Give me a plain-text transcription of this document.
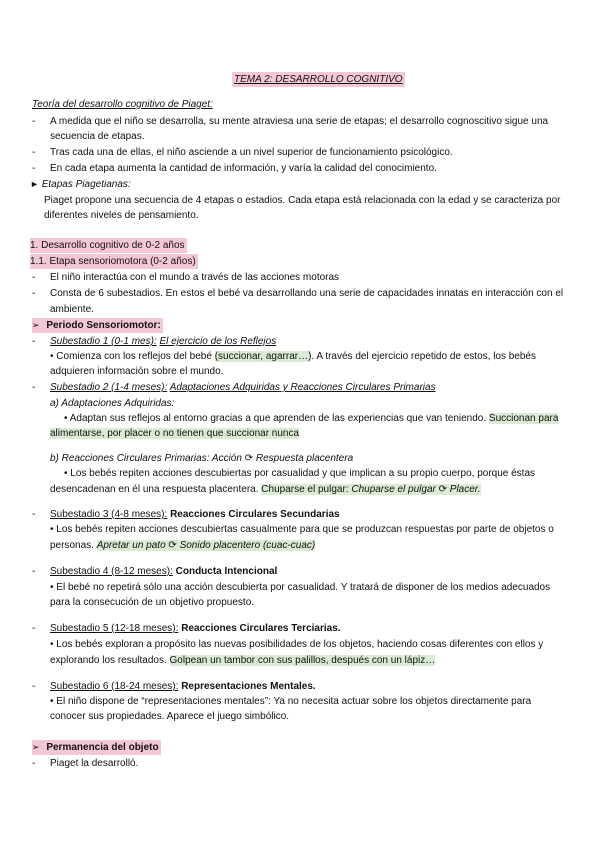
TEMA 2: DESARROLLO COGNITIVO
Teoría del desarrollo cognitivo de Piaget:
-	A medida que el niño se desarrolla, su mente atraviesa una serie de etapas; el desarrollo cognoscitivo sigue una
secuencia de etapas.
-	Tras cada una de ellas, el niño asciende a un nivel superior de funcionamiento psicológico.
-	En cada etapa aumenta la cantidad de información, y varía la calidad del conocimiento.
► Etapas Piagetianas:
Piaget propone una secuencia de 4 etapas o estadios. Cada etapa está relacionada con la edad y se caracteriza por
diferentes niveles de pensamiento.
1. Desarrollo cognitivo de 0-2 años
1.1. Etapa sensoriomotora (0-2 años)
-	El niño interactúa con el mundo a través de las acciones motoras
-	Consta de 6 subestadios. En estos el bebé va desarrollando una serie de capacidades innatas en interacción con el
ambiente.
➢ Periodo Sensoriomotor:
-	Subestadio 1 (0-1 mes): El ejercicio de los Reflejos
• Comienza con los reflejos del bebé (succionar, agarrar…). A través del ejercicio repetido de estos, los bebés
adquieren información sobre el mundo.
-	Subestadio 2 (1-4 meses): Adaptaciones Adquiridas y Reacciones Circulares Primarias
a) Adaptaciones Adquiridas:
• Adaptan sus reflejos al entorno gracias a que aprenden de las experiencias que van teniendo. Succionan para
alimentarse, por placer o no tienen que succionar nunca
b) Reacciones Circulares Primarias: Acción ⟳ Respuesta placentera
• Los bebés repiten acciones descubiertas por casualidad y que implican a su propio cuerpo, porque éstas
desencadenan en él una respuesta placentera. Chuparse el pulgar: Chuparse el pulgar ⟳ Placer.
-	Subestadio 3 (4-8 meses): Reacciones Circulares Secundarias
• Los bebés repiten acciones descubiertas casualmente para que se produzcan respuestas por parte de objetos o
personas. Apretar un pato ⟳ Sonido placentero (cuac-cuac)
-	Subestadio 4 (8-12 meses): Conducta Intencional
• El bebé no repetirá sólo una acción descubierta por casualidad. Y tratará de disponer de los medios adecuados
para la consecución de un objetivo propuesto.
-	Subestadio 5 (12-18 meses): Reacciones Circulares Terciarias.
• Los bebés exploran a propósito las nuevas posibilidades de los objetos, haciendo cosas diferentes con ellos y
explorando los resultados. Golpean un tambor con sus palillos, después con un lápiz…
-	Subestadio 6 (18-24 meses): Representaciones Mentales.
• El niño dispone de “representaciones mentales”: Ya no necesita actuar sobre los objetos directamente para
conocer sus propiedades. Aparece el juego simbólico.
➢ Permanencia del objeto
-	Piaget la desarrolló.
